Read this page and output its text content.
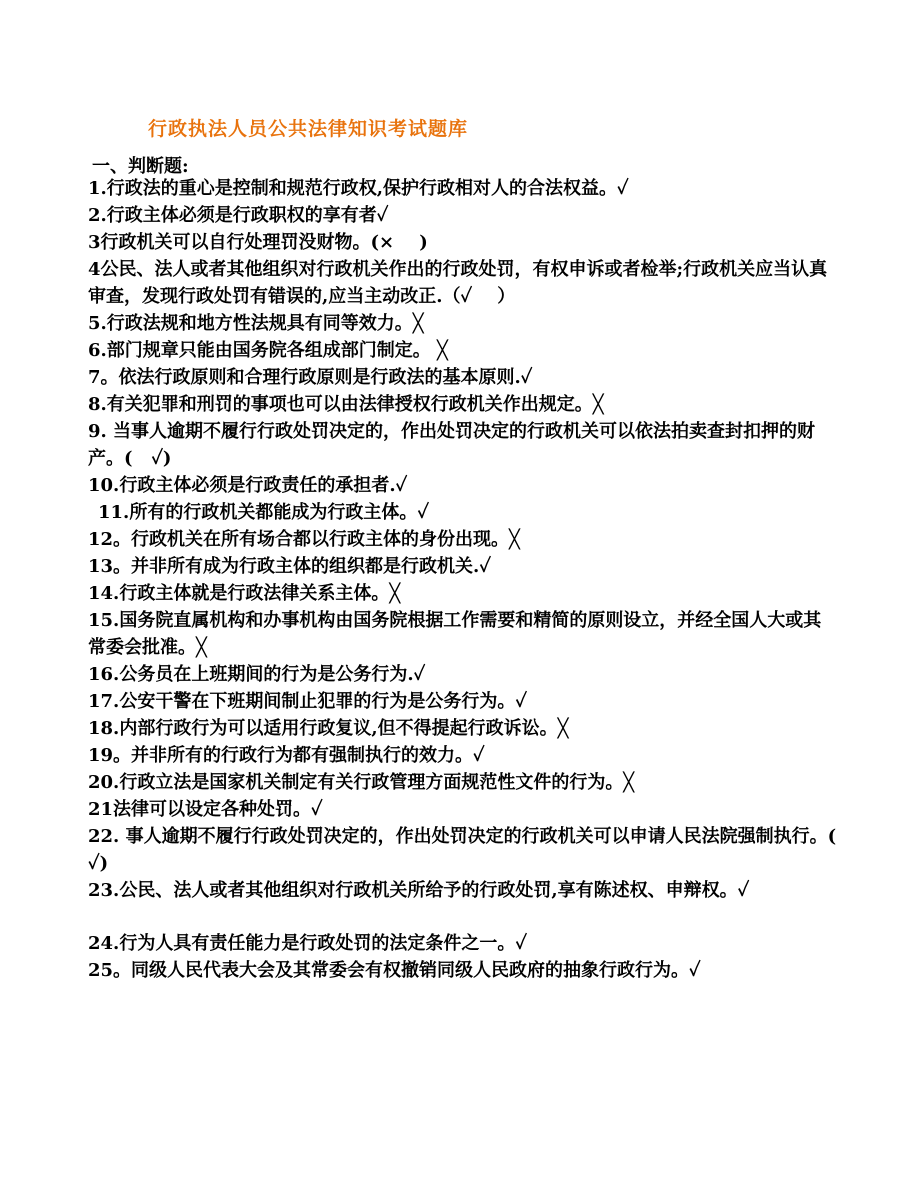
行政执法人员公共法律知识考试题库
一、判断题:
1.行政法的重心是控制和规范行政权,保护行政相对人的合法权益。✓
2.行政主体必须是行政职权的享有者✓
3行政机关可以自行处理罚没财物。(×    )
4公民、法人或者其他组织对行政机关作出的行政处罚，有权申诉或者检举;行政机关应当认真审查，发现行政处罚有错误的,应当主动改正.（✓    ）
5.行政法规和地方性法规具有同等效力。╳
6.部门规章只能由国务院各组成部门制定。 ╳
7。依法行政原则和合理行政原则是行政法的基本原则.✓
8.有关犯罪和刑罚的事项也可以由法律授权行政机关作出规定。╳
9. 当事人逾期不履行行政处罚决定的，作出处罚决定的行政机关可以依法拍卖查封扣押的财产。(   ✓)
10.行政主体必须是行政责任的承担者.✓
11.所有的行政机关都能成为行政主体。✓
12。行政机关在所有场合都以行政主体的身份出现。╳
13。并非所有成为行政主体的组织都是行政机关.✓
14.行政主体就是行政法律关系主体。╳
15.国务院直属机构和办事机构由国务院根据工作需要和精简的原则设立，并经全国人大或其常委会批准。╳
16.公务员在上班期间的行为是公务行为.✓
17.公安干警在下班期间制止犯罪的行为是公务行为。✓
18.内部行政行为可以适用行政复议,但不得提起行政诉讼。╳
19。并非所有的行政行为都有强制执行的效力。✓
20.行政立法是国家机关制定有关行政管理方面规范性文件的行为。╳
21法律可以设定各种处罚。✓
22. 事人逾期不履行行政处罚决定的，作出处罚决定的行政机关可以申请人民法院强制执行。(    ✓)
23.公民、法人或者其他组织对行政机关所给予的行政处罚,享有陈述权、申辩权。✓
24.行为人具有责任能力是行政处罚的法定条件之一。✓
25。同级人民代表大会及其常委会有权撤销同级人民政府的抽象行政行为。✓
